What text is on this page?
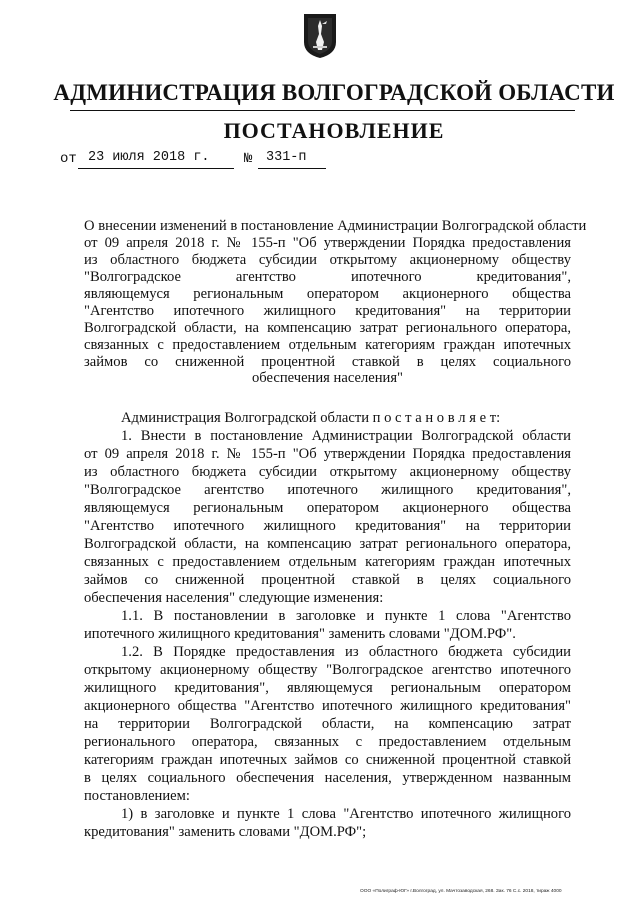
АДМИНИСТРАЦИЯ ВОЛГОГРАДСКОЙ ОБЛАСТИ
ПОСТАНОВЛЕНИЕ
от 23 июля 2018 г. № 331-п
О внесении изменений в постановление Администрации Волгоградской области
от 09 апреля 2018 г. № 155-п "Об утверждении Порядка предоставления
из областного бюджета субсидии открытому акционерному обществу
"Волгоградское агентство ипотечного кредитования",
являющемуся региональным оператором акционерного общества
"Агентство ипотечного жилищного кредитования" на территории
Волгоградской области, на компенсацию затрат регионального оператора,
связанных с предоставлением отдельным категориям граждан ипотечных
займов со сниженной процентной ставкой в целях социального
обеспечения населения"
Администрация Волгоградской области п о с т а н о в л я е т:
1. Внести в постановление Администрации Волгоградской области
от 09 апреля 2018 г. № 155-п "Об утверждении Порядка предоставления
из областного бюджета субсидии открытому акционерному обществу
"Волгоградское агентство ипотечного жилищного кредитования",
являющемуся региональным оператором акционерного общества
"Агентство ипотечного жилищного кредитования" на территории
Волгоградской области, на компенсацию затрат регионального оператора,
связанных с предоставлением отдельным категориям граждан ипотечных
займов со сниженной процентной ставкой в целях социального
обеспечения населения" следующие изменения:
1.1. В постановлении в заголовке и пункте 1 слова "Агентство
ипотечного жилищного кредитования" заменить словами "ДОМ.РФ".
1.2. В Порядке предоставления из областного бюджета субсидии
открытому акционерному обществу "Волгоградское агентство ипотечного
жилищного кредитования", являющемуся региональным оператором
акционерного общества "Агентство ипотечного жилищного кредитования"
на территории Волгоградской области, на компенсацию затрат
регионального оператора, связанных с предоставлением отдельным
категориям граждан ипотечных займов со сниженной процентной ставкой
в целях социального обеспечения населения, утвержденном названным
постановлением:
1) в заголовке и пункте 1 слова "Агентство ипотечного жилищного
кредитования" заменить словами "ДОМ.РФ";
ООО «Полиграф-ЮГ» г.Волгоград, ул. Мачтозаводская, 268. Зак. 76 С.с. 2018, тираж 4000
